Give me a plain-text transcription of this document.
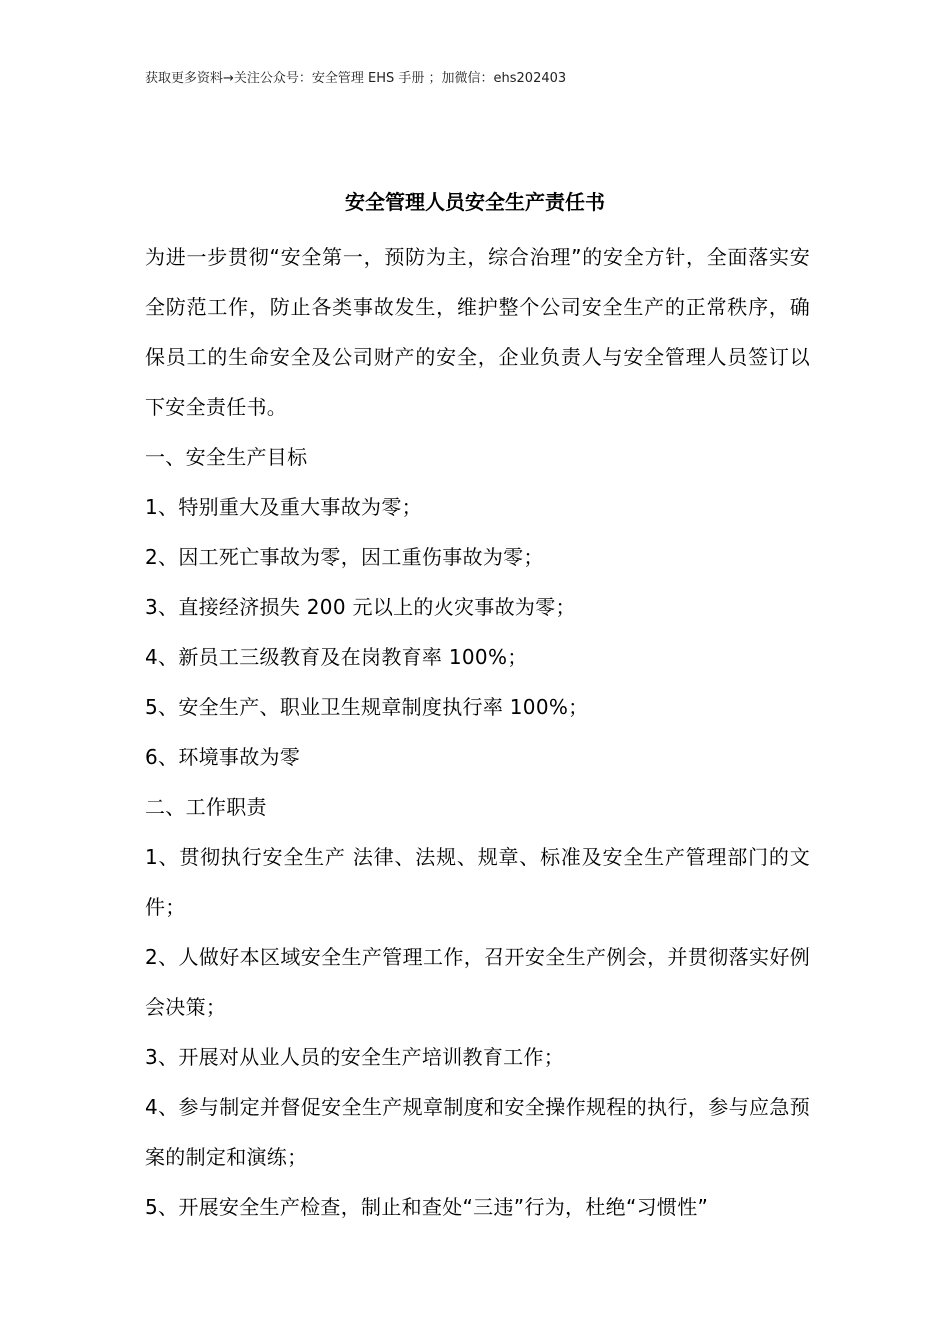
获取更多资料→关注公众号：安全管理 EHS 手册 ；加微信：ehs202403
安全管理人员安全生产责任书

为进一步贯彻“安全第一，预防为主，综合治理”的安全方针，全面落实安全防范工作，防止各类事故发生，维护整个公司安全生产的正常秩序，确保员工的生命安全及公司财产的安全，企业负责人与安全管理人员签订以下安全责任书。

一、安全生产目标

1、特别重大及重大事故为零；

2、因工死亡事故为零，因工重伤事故为零；

3、直接经济损失 200 元以上的火灾事故为零；

4、新员工三级教育及在岗教育率 100%；

5、安全生产、职业卫生规章制度执行率 100%；

6、环境事故为零

二、工作职责

1、贯彻执行安全生产 法律、法规、规章、标准及安全生产管理部门的文件；

2、人做好本区域安全生产管理工作，召开安全生产例会，并贯彻落实好例会决策；

3、开展对从业人员的安全生产培训教育工作；

4、参与制定并督促安全生产规章制度和安全操作规程的执行，参与应急预案的制定和演练；

5、开展安全生产检查，制止和查处“三违”行为，杜绝“习惯性”
